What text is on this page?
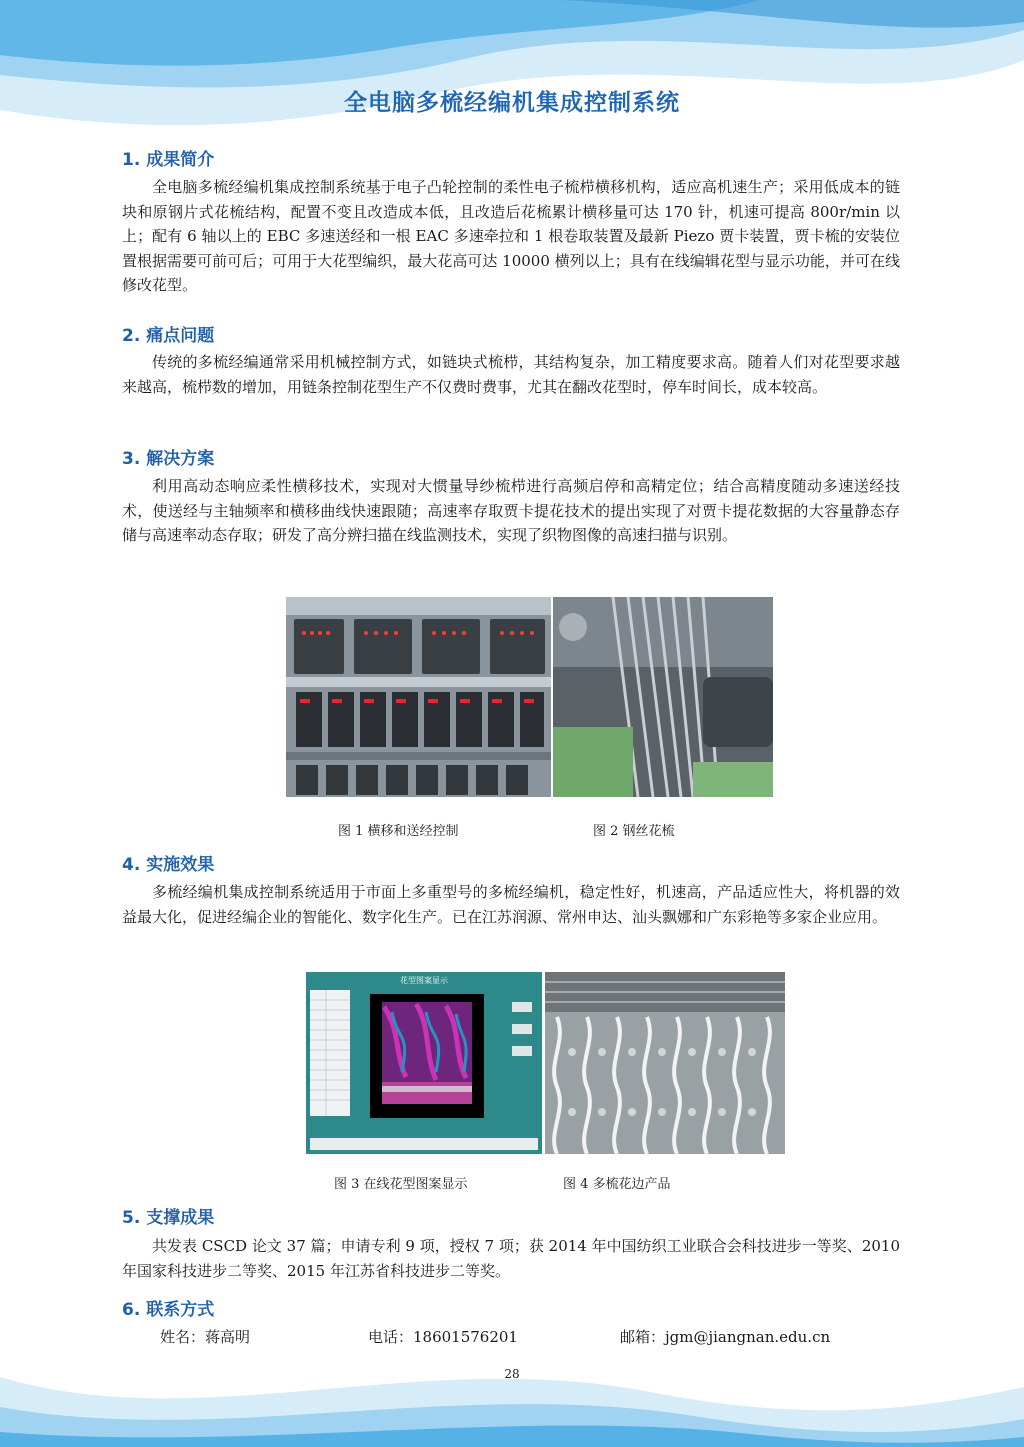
全电脑多梳经编机集成控制系统
1. 成果简介

全电脑多梳经编机集成控制系统基于电子凸轮控制的柔性电子梳栉横移机构，适应高机速生产；采用低成本的链块和原钢片式花梳结构，配置不变且改造成本低，且改造后花梳累计横移量可达 170 针，机速可提高 800r/min 以上；配有 6 轴以上的 EBC 多速送经和一根 EAC 多速牵拉和 1 根卷取装置及最新 Piezo 贾卡装置，贾卡梳的安装位置根据需要可前可后；可用于大花型编织，最大花高可达 10000 横列以上；具有在线编辑花型与显示功能，并可在线修改花型。

2. 痛点问题

传统的多梳经编通常采用机械控制方式，如链块式梳栉，其结构复杂，加工精度要求高。随着人们对花型要求越来越高，梳栉数的增加，用链条控制花型生产不仅费时费事，尤其在翻改花型时，停车时间长，成本较高。

3. 解决方案

利用高动态响应柔性横移技术，实现对大惯量导纱梳栉进行高频启停和高精定位；结合高精度随动多速送经技术，使送经与主轴频率和横移曲线快速跟随；高速率存取贾卡提花技术的提出实现了对贾卡提花数据的大容量静态存储与高速率动态存取；研发了高分辨扫描在线监测技术，实现了织物图像的高速扫描与识别。

图 1 横移和送经控制	图 2 钢丝花梳
4. 实施效果

多梳经编机集成控制系统适用于市面上多重型号的多梳经编机，稳定性好，机速高，产品适应性大，将机器的效益最大化，促进经编企业的智能化、数字化生产。已在江苏润源、常州申达、汕头飘娜和广东彩艳等多家企业应用。

花型图案显示
图 3 在线花型图案显示	图 4 多梳花边产品
5. 支撑成果

共发表 CSCD 论文 37 篇；申请专利 9 项，授权 7 项；获 2014 年中国纺织工业联合会科技进步一等奖、2010 年国家科技进步二等奖、2015 年江苏省科技进步二等奖。

6. 联系方式
姓名：蒋高明	电话：18601576201	邮箱：jgm@jiangnan.edu.cn
28
